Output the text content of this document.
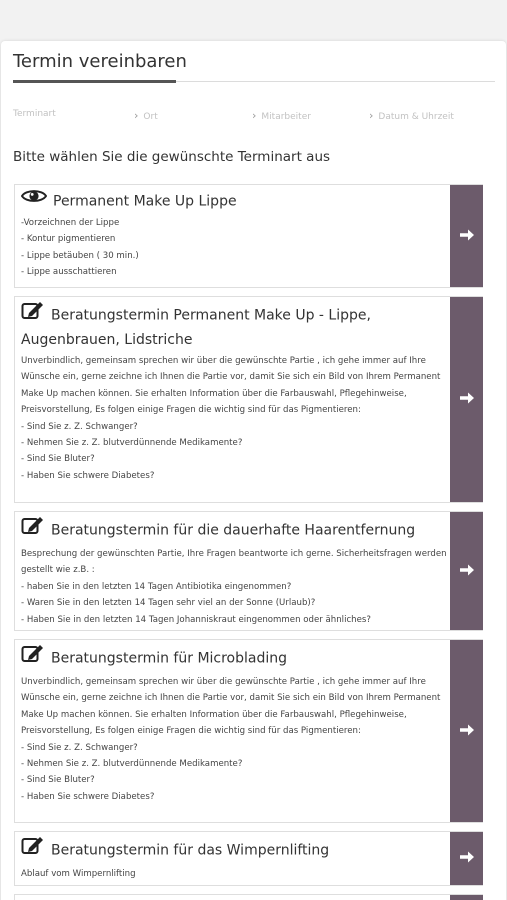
Termin vereinbaren
Terminart	› Ort	› Mitarbeiter	› Datum & Uhrzeit

Bitte wählen Sie die gewünschte Terminart aus

Permanent Make Up Lippe
-Vorzeichnen der Lippe
- Kontur pigmentieren
- Lippe betäuben ( 30 min.)
- Lippe ausschattieren
Beratungstermin Permanent Make Up - Lippe, Augenbrauen, Lidstriche
Unverbindlich, gemeinsam sprechen wir über die gewünschte Partie , ich gehe immer auf Ihre Wünsche ein, gerne zeichne ich Ihnen die Partie vor, damit Sie sich ein Bild von Ihrem Permanent Make Up machen können. Sie erhalten Information über die Farbauswahl, Pflegehinweise, Preisvorstellung, Es folgen einige Fragen die wichtig sind für das Pigmentieren:
- Sind Sie z. Z. Schwanger?
- Nehmen Sie z. Z. blutverdünnende Medikamente?
- Sind Sie Bluter?
- Haben Sie schwere Diabetes?
Beratungstermin für die dauerhafte Haarentfernung
Besprechung der gewünschten Partie, Ihre Fragen beantworte ich gerne. Sicherheitsfragen werden gestellt wie z.B. :
- haben Sie in den letzten 14 Tagen Antibiotika eingenommen?
- Waren Sie in den letzten 14 Tagen sehr viel an der Sonne (Urlaub)?
- Haben Sie in den letzten 14 Tagen Johanniskraut eingenommen oder ähnliches?
Beratungstermin für Microblading
Unverbindlich, gemeinsam sprechen wir über die gewünschte Partie , ich gehe immer auf Ihre Wünsche ein, gerne zeichne ich Ihnen die Partie vor, damit Sie sich ein Bild von Ihrem Permanent Make Up machen können. Sie erhalten Information über die Farbauswahl, Pflegehinweise, Preisvorstellung, Es folgen einige Fragen die wichtig sind für das Pigmentieren:
- Sind Sie z. Z. Schwanger?
- Nehmen Sie z. Z. blutverdünnende Medikamente?
- Sind Sie Bluter?
- Haben Sie schwere Diabetes?
Beratungstermin für das Wimpernlifting
Ablauf vom Wimpernlifting
